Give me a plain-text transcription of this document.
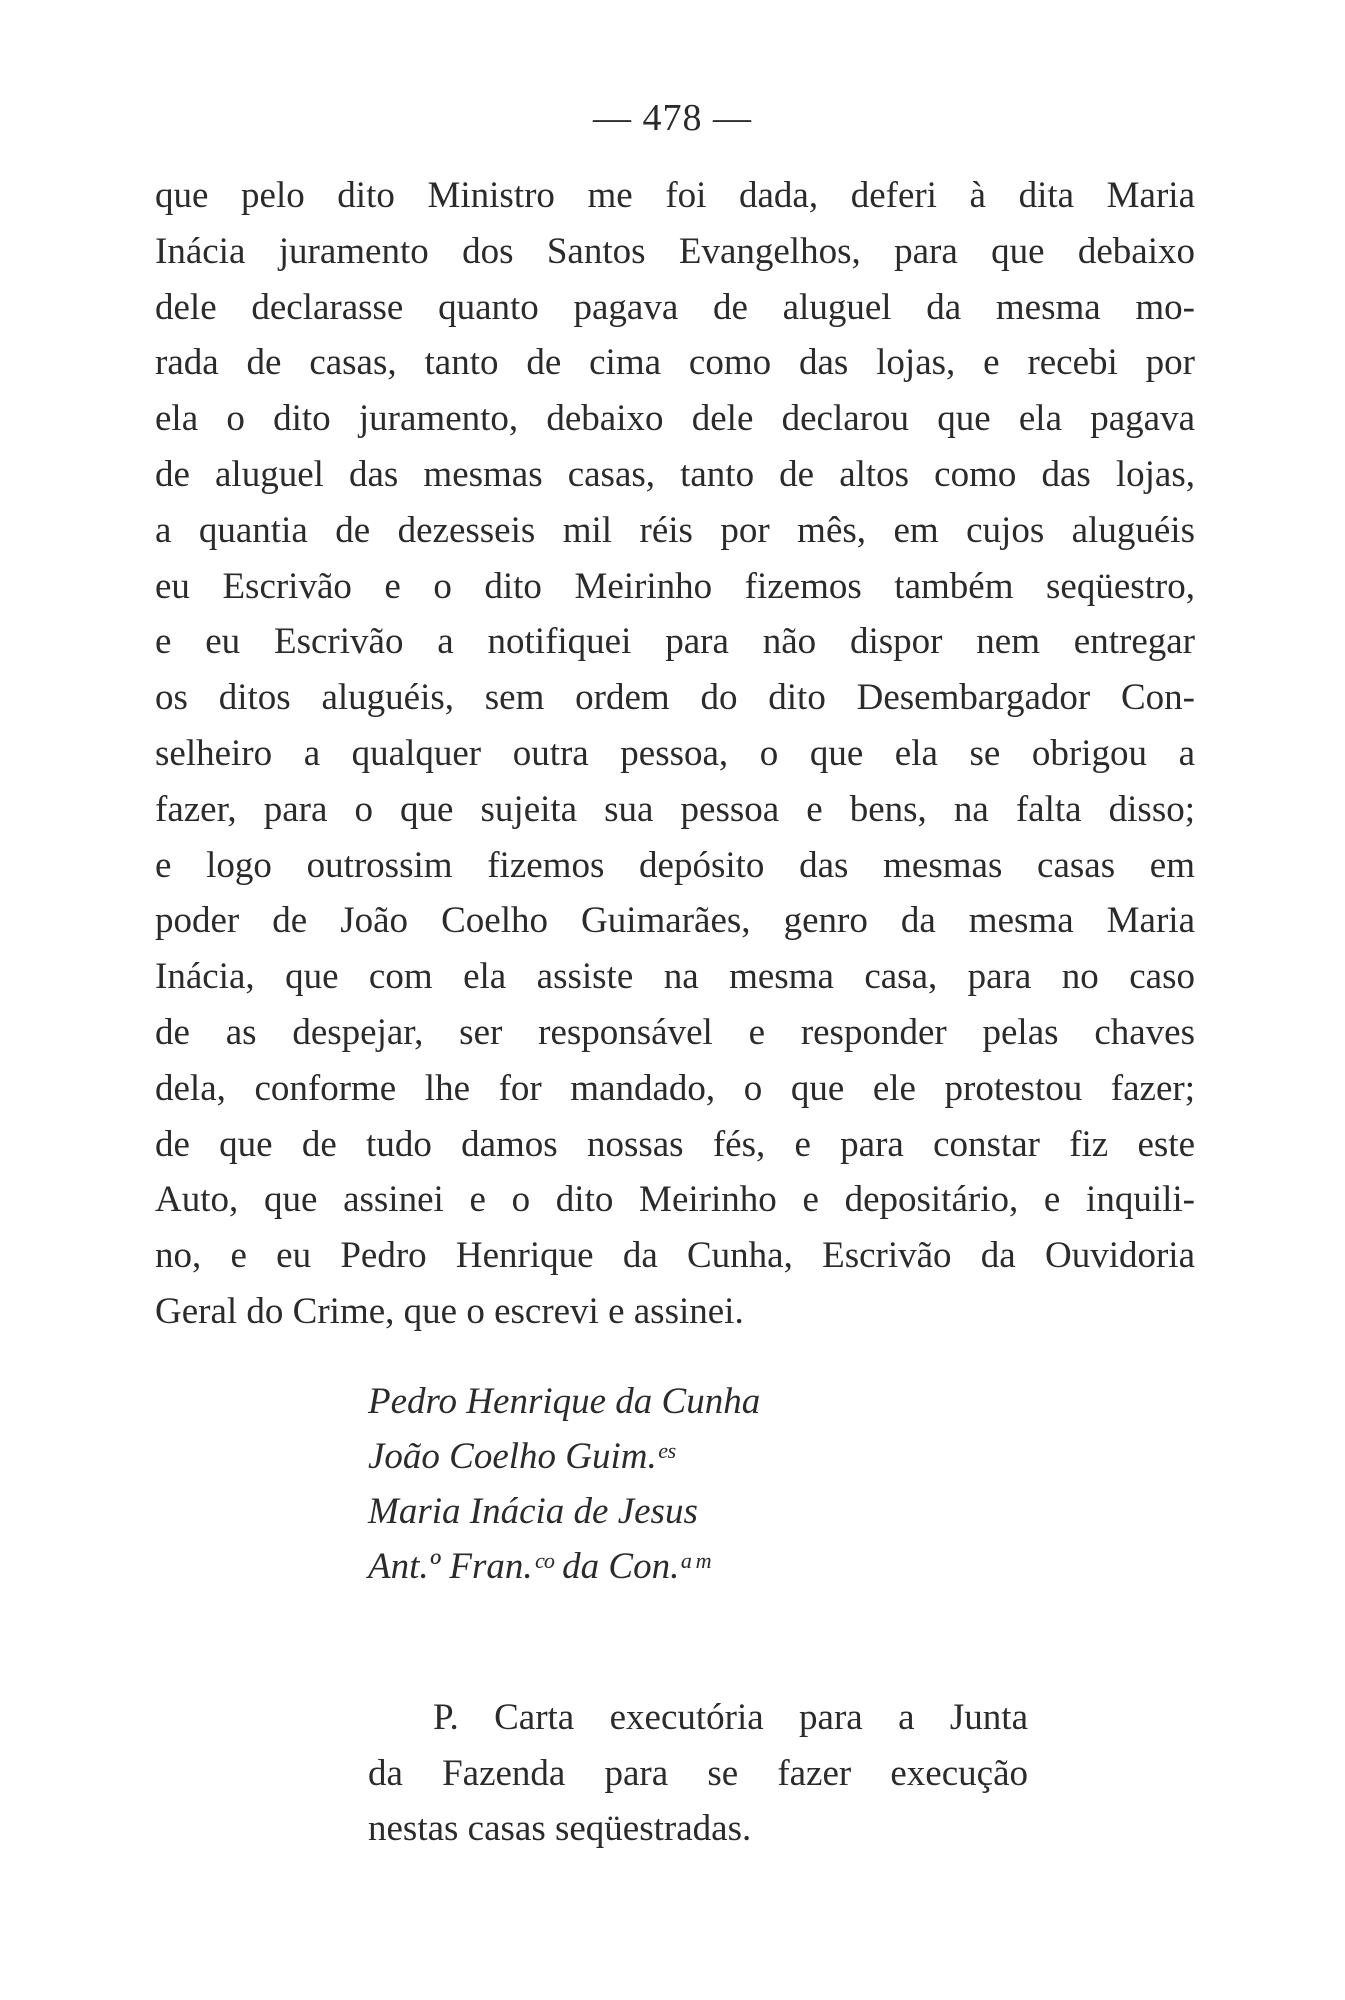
— 478 —
que pelo dito Ministro me foi dada, deferi à dita Maria
Inácia juramento dos Santos Evangelhos, para que debaixo
dele declarasse quanto pagava de aluguel da mesma mo-
rada de casas, tanto de cima como das lojas, e recebi por
ela o dito juramento, debaixo dele declarou que ela pagava
de aluguel das mesmas casas, tanto de altos como das lojas,
a quantia de dezesseis mil réis por mês, em cujos aluguéis
eu Escrivão e o dito Meirinho fizemos também seqüestro,
e eu Escrivão a notifiquei para não dispor nem entregar
os ditos aluguéis, sem ordem do dito Desembargador Con-
selheiro a qualquer outra pessoa, o que ela se obrigou a
fazer, para o que sujeita sua pessoa e bens, na falta disso;
e logo outrossim fizemos depósito das mesmas casas em
poder de João Coelho Guimarães, genro da mesma Maria
Inácia, que com ela assiste na mesma casa, para no caso
de as despejar, ser responsável e responder pelas chaves
dela, conforme lhe for mandado, o que ele protestou fazer;
de que de tudo damos nossas fés, e para constar fiz este
Auto, que assinei e o dito Meirinho e depositário, e inquili-
no, e eu Pedro Henrique da Cunha, Escrivão da Ouvidoria
Geral do Crime, que o escrevi e assinei.
Pedro Henrique da Cunha
João Coelho Guim.ᵉˢ
Maria Inácia de Jesus
Ant.º Fran.ᶜᵒ da Con.ᵃᵐ
P. Carta executória para a Junta
da Fazenda para se fazer execução
nestas casas seqüestradas.
